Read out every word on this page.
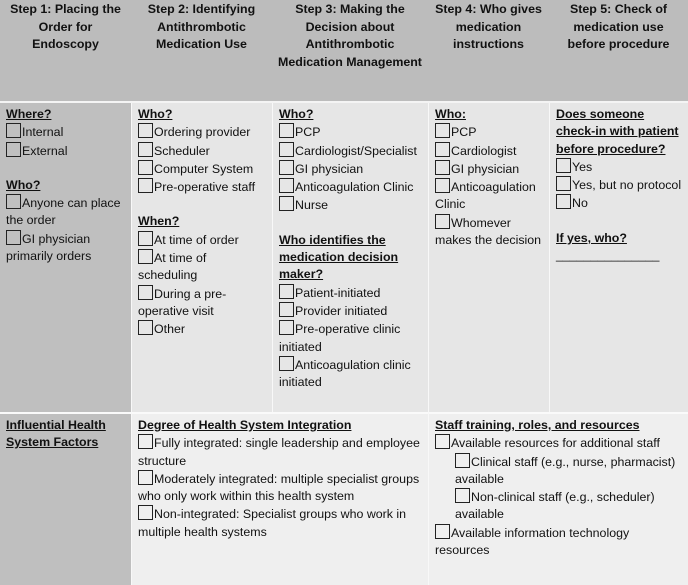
Step 1: Placing the Order for Endoscopy
Step 2: Identifying Antithrombotic Medication Use
Step 3: Making the Decision about Antithrombotic Medication Management
Step 4: Who gives medication instructions
Step 5: Check of medication use before procedure
Where?
Internal
External
Who?
Anyone can place the order
GI physician primarily orders
Who?
Ordering provider
Scheduler
Computer System
Pre-operative staff
When?
At time of order
At time of scheduling
During a pre-operative visit
Other
Who?
PCP
Cardiologist/Specialist
GI physician
Anticoagulation Clinic
Nurse
Who identifies the medication decision maker?
Patient-initiated
Provider initiated
Pre-operative clinic initiated
Anticoagulation clinic initiated
Who:
PCP
Cardiologist
GI physician
Anticoagulation Clinic
Whomever makes the decision
Does someone check-in with patient before procedure?
Yes
Yes, but no protocol
No
If yes, who?
_______________
Influential Health System Factors
Degree of Health System Integration
Fully integrated: single leadership and employee structure
Moderately integrated: multiple specialist groups who only work within this health system
Non-integrated: Specialist groups who work in multiple health systems
Staff training, roles, and resources
Available resources for additional staff
Clinical staff (e.g., nurse, pharmacist) available
Non-clinical staff (e.g., scheduler) available
Available information technology resources
